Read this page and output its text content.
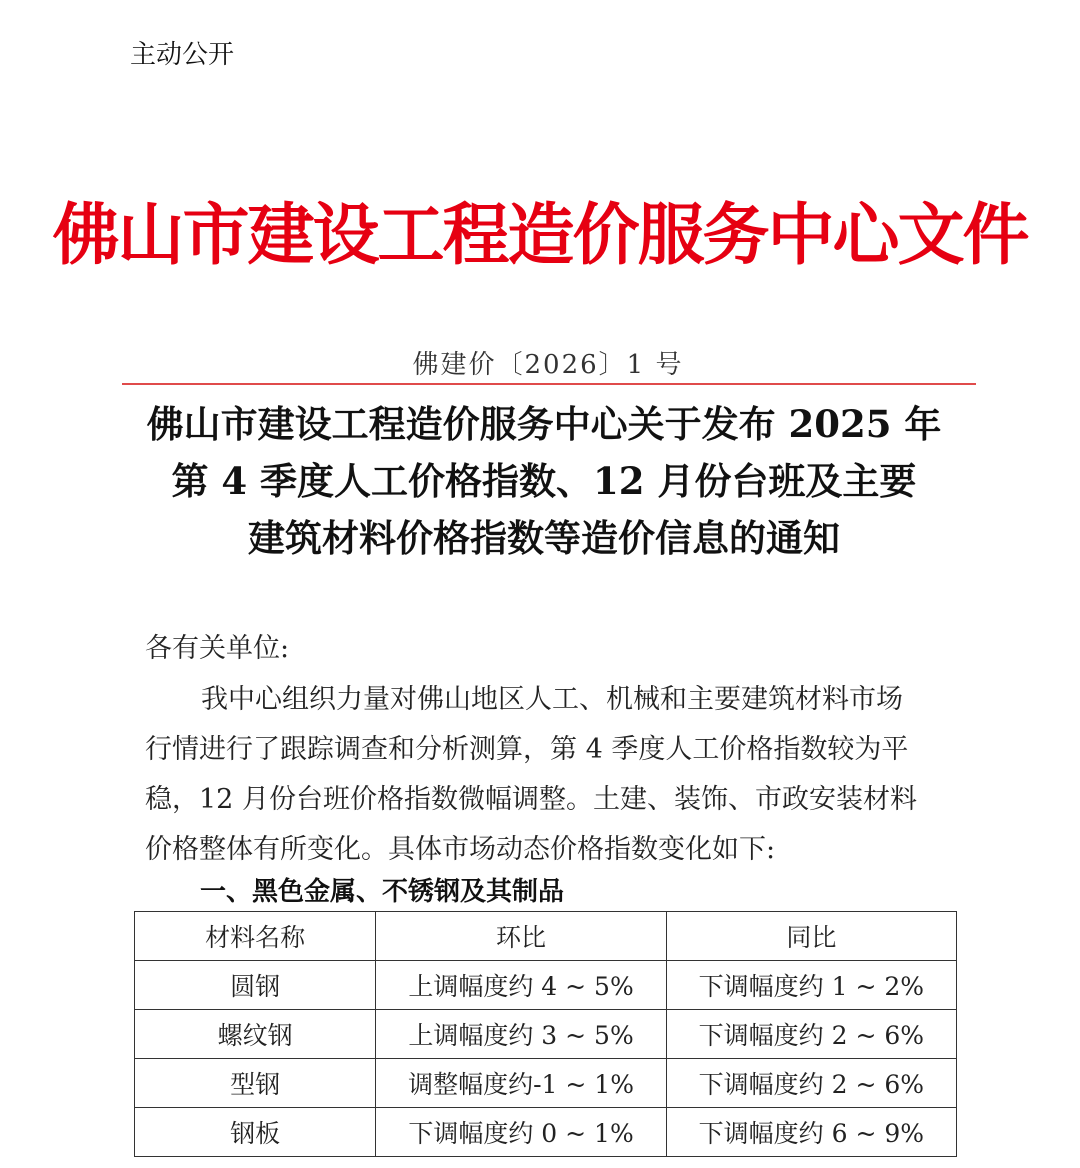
主动公开
佛山市建设工程造价服务中心文件
佛建价〔2026〕1 号
佛山市建设工程造价服务中心关于发布 2025 年
第 4 季度人工价格指数、12 月份台班及主要
建筑材料价格指数等造价信息的通知
各有关单位:
我中心组织力量对佛山地区人工、机械和主要建筑材料市场
行情进行了跟踪调查和分析测算，第 4 季度人工价格指数较为平
稳，12 月份台班价格指数微幅调整。土建、装饰、市政安装材料
价格整体有所变化。具体市场动态价格指数变化如下:
一、黑色金属、不锈钢及其制品
材料名称	环比	同比
圆钢	上调幅度约 4 ~ 5%	下调幅度约 1 ~ 2%
螺纹钢	上调幅度约 3 ~ 5%	下调幅度约 2 ~ 6%
型钢	调整幅度约-1 ~ 1%	下调幅度约 2 ~ 6%
钢板	下调幅度约 0 ~ 1%	下调幅度约 6 ~ 9%
